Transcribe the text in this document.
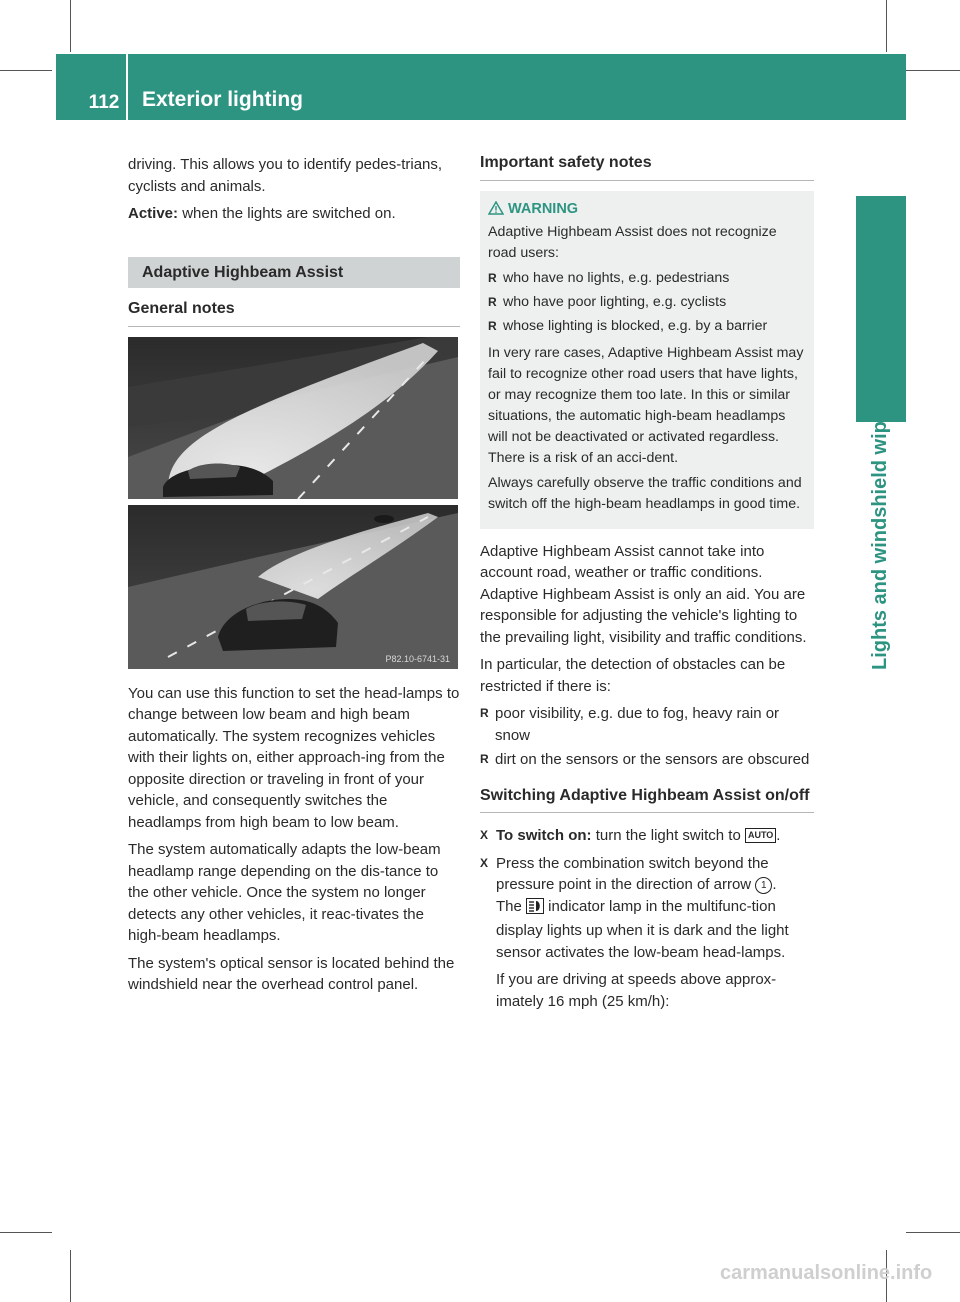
112 Exterior lighting
Lights and windshield wipers

driving. This allows you to identify pedes-trians, cyclists and animals.

Active: when the lights are switched on.

Adaptive Highbeam Assist
General notes
P82.10-6741-31

You can use this function to set the head-lamps to change between low beam and high beam automatically. The system recognizes vehicles with their lights on, either approach-ing from the opposite direction or traveling in front of your vehicle, and consequently switches the headlamps from high beam to low beam.

The system automatically adapts the low-beam headlamp range depending on the dis-tance to the other vehicle. Once the system no longer detects any other vehicles, it reac-tivates the high-beam headlamps.

The system's optical sensor is located behind the windshield near the overhead control panel.

Important safety notes
WARNING

Adaptive Highbeam Assist does not recognize road users:

R who have no lights, e.g. pedestrians
R who have poor lighting, e.g. cyclists
R whose lighting is blocked, e.g. by a barrier

In very rare cases, Adaptive Highbeam Assist may fail to recognize other road users that have lights, or may recognize them too late. In this or similar situations, the automatic high-beam headlamps will not be deactivated or activated regardless. There is a risk of an acci-dent.

Always carefully observe the traffic conditions and switch off the high-beam headlamps in good time.

Adaptive Highbeam Assist cannot take into account road, weather or traffic conditions. Adaptive Highbeam Assist is only an aid. You are responsible for adjusting the vehicle's lighting to the prevailing light, visibility and traffic conditions.

In particular, the detection of obstacles can be restricted if there is:

R poor visibility, e.g. due to fog, heavy rain or snow
R dirt on the sensors or the sensors are obscured
Switching Adaptive Highbeam Assist on/off
X To switch on: turn the light switch to AUTO .
X Press the combination switch beyond the pressure point in the direction of arrow 1 .
The  indicator lamp in the multifunc-tion display lights up when it is dark and the light sensor activates the low-beam head-lamps.

If you are driving at speeds above approx-imately 16 mph (25 km/h):

carmanualsonline.info
